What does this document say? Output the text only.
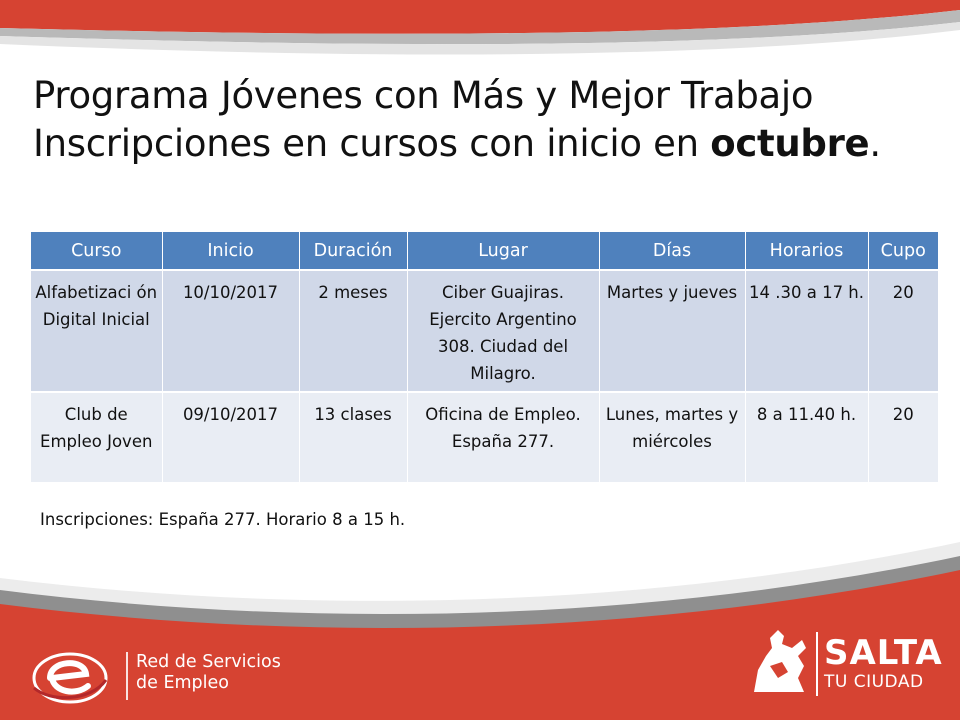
Programa Jóvenes con Más y Mejor Trabajo
Inscripciones en cursos con inicio en octubre.
Curso	Inicio	Duración	Lugar	Días	Horarios	Cupo
Alfabetizaci ón Digital Inicial	10/10/2017	2 meses	Ciber Guajiras. Ejercito Argentino 308. Ciudad del Milagro.	Martes y jueves	14 .30 a 17 h.	20
Club de Empleo Joven	09/10/2017	13 clases	Oficina de Empleo. España 277.	Lunes, martes y miércoles	8 a 11.40 h.	20

Inscripciones: España 277. Horario 8 a 15 h.

Red de Servicios
de Empleo
SALTA
TU CIUDAD
